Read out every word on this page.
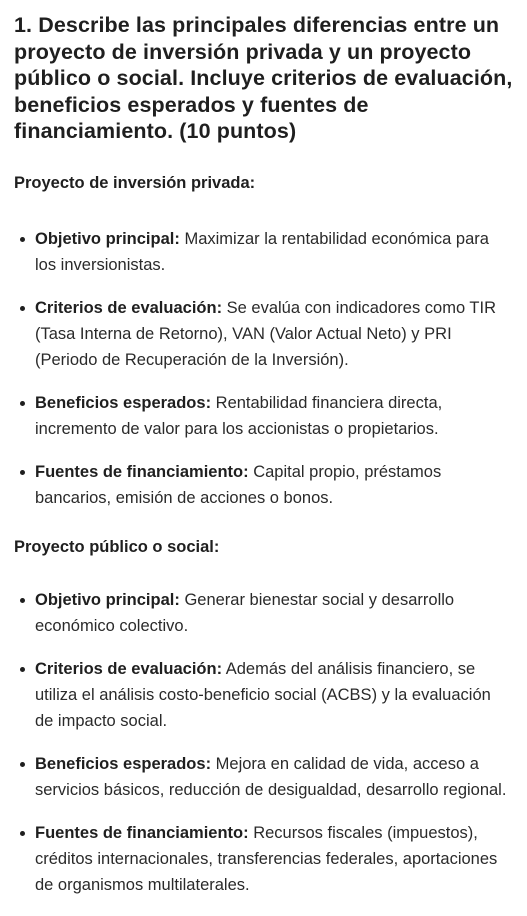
1. Describe las principales diferencias entre un proyecto de inversión privada y un proyecto público o social. Incluye criterios de evaluación, beneficios esperados y fuentes de financiamiento. (10 puntos)
Proyecto de inversión privada:
Objetivo principal: Maximizar la rentabilidad económica para los inversionistas.
Criterios de evaluación: Se evalúa con indicadores como TIR (Tasa Interna de Retorno), VAN (Valor Actual Neto) y PRI (Periodo de Recuperación de la Inversión).
Beneficios esperados: Rentabilidad financiera directa, incremento de valor para los accionistas o propietarios.
Fuentes de financiamiento: Capital propio, préstamos bancarios, emisión de acciones o bonos.
Proyecto público o social:
Objetivo principal: Generar bienestar social y desarrollo económico colectivo.
Criterios de evaluación: Además del análisis financiero, se utiliza el análisis costo-beneficio social (ACBS) y la evaluación de impacto social.
Beneficios esperados: Mejora en calidad de vida, acceso a servicios básicos, reducción de desigualdad, desarrollo regional.
Fuentes de financiamiento: Recursos fiscales (impuestos), créditos internacionales, transferencias federales, aportaciones de organismos multilaterales.
